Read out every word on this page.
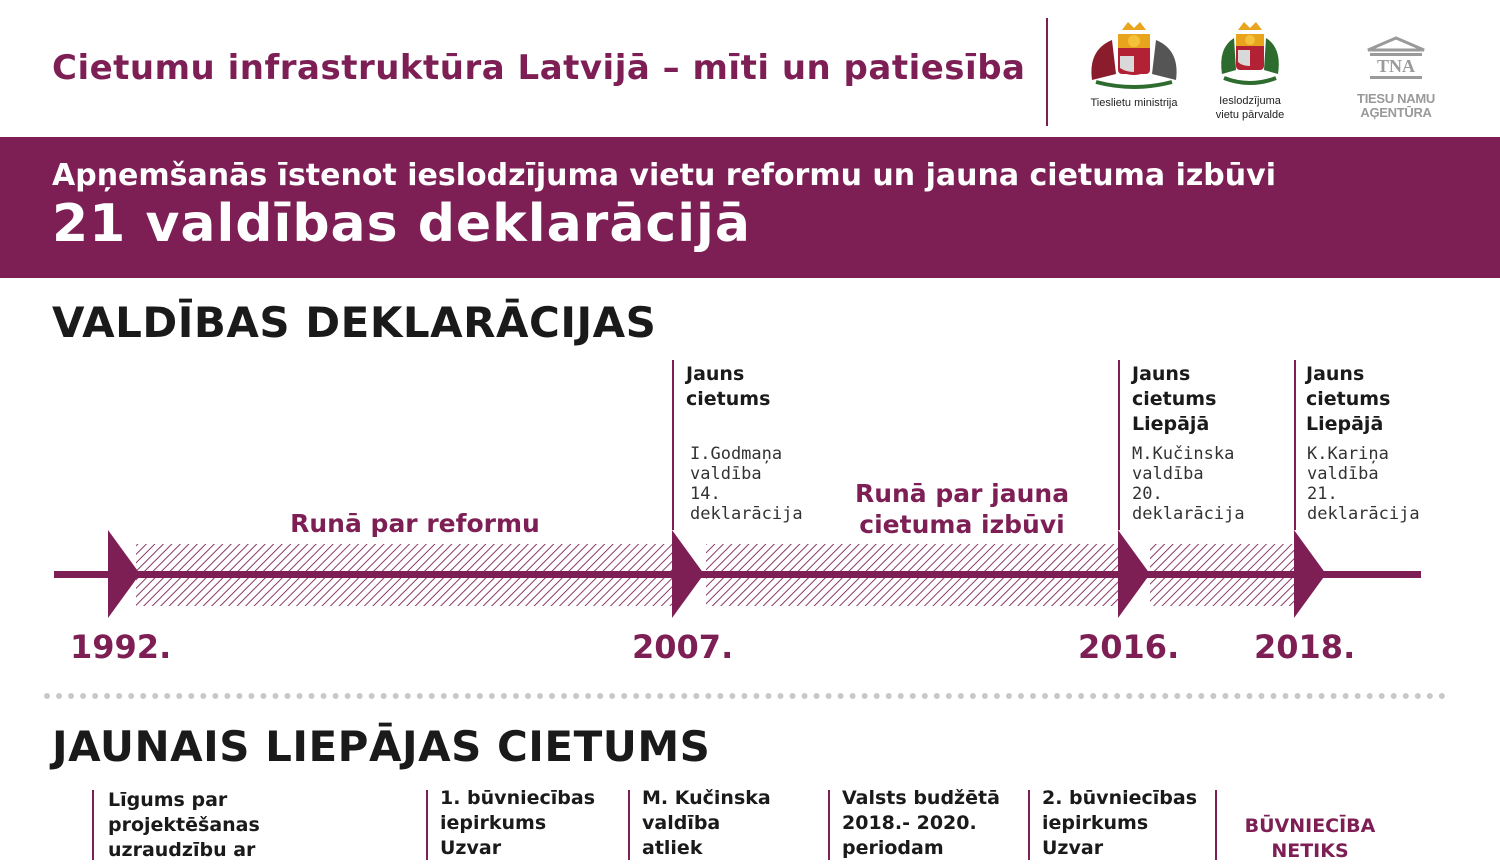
Cietumu infrastruktūra Latvijā – mīti un patiesība
Tieslietu ministrija	Ieslodzījuma
vietu pārvalde
TNA
TIESU NAMU AĢENTŪRA
Apņemšanās īstenot ieslodzījuma vietu reformu un jauna cietuma izbūvi
21 valdības deklarācijā
VALDĪBAS DEKLARĀCIJAS
Jauns
cietums
I.Godmaņa
valdība
14.
deklarācija
Jauns
cietums
Liepājā
M.Kučinska
valdība
20.
deklarācija
Jauns
cietums
Liepājā
K.Kariņa
valdība
21.
deklarācija
Runā par reformu
Runā par jauna
cietuma izbūvi
1992.	2007.	2016. 2018.
JAUNAIS LIEPĀJAS CIETUMS
Līgums par
projektēšanas
uzraudzību ar
1. būvniecības
iepirkums
Uzvar
M. Kučinska
valdība
atliek
Valsts budžētā
2018.- 2020.
periodam
2. būvniecības
iepirkums
Uzvar
BŪVNIECĪBA
NETIKS
